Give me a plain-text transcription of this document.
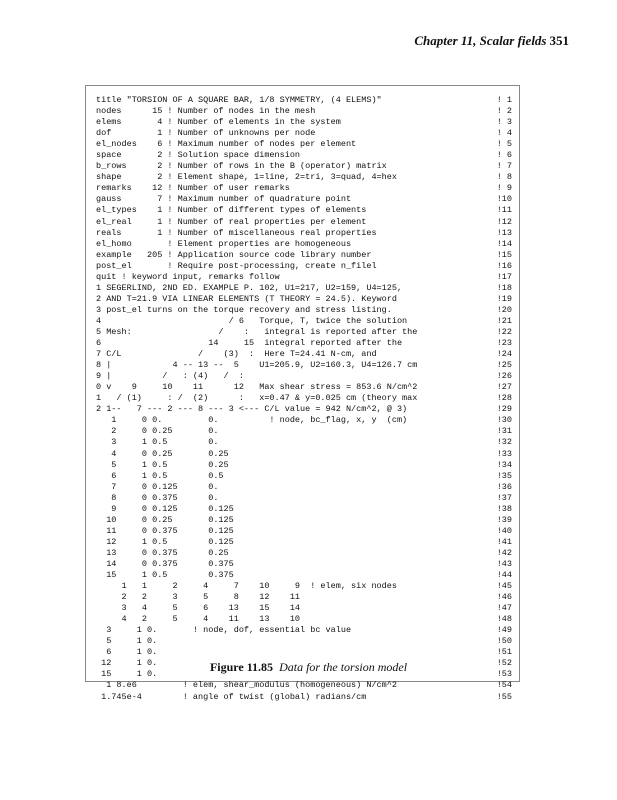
Chapter 11, Scalar fields 351
title "TORSION OF A SQUARE BAR, 1/8 SYMMETRY, (4 ELEMS)"	! 1
nodes      15 ! Number of nodes in the mesh	! 2
elems       4 ! Number of elements in the system	! 3
dof         1 ! Number of unknowns per node	! 4
el_nodes    6 ! Maximum number of nodes per element	! 5
space       2 ! Solution space dimension	! 6
b_rows      2 ! Number of rows in the B (operator) matrix	! 7
shape       2 ! Element shape, 1=line, 2=tri, 3=quad, 4=hex	! 8
remarks    12 ! Number of user remarks	! 9
gauss       7 ! Maximum number of quadrature point	!10
el_types    1 ! Number of different types of elements	!11
el_real     1 ! Number of real properties per element	!12
reals       1 ! Number of miscellaneous real properties	!13
el_homo       ! Element properties are homogeneous	!14
example   205 ! Application source code library number	!15
post_el       ! Require post-processing, create n_filel	!16
quit ! keyword input, remarks follow	!17
1 SEGERLIND, 2ND ED. EXAMPLE P. 102, U1=217, U2=159, U4=125,	!18
2 AND T=21.9 VIA LINEAR ELEMENTS (T THEORY = 24.5). Keyword	!19
3 post_el turns on the torque recovery and stress listing.	!20
4                         / 6   Torque, T, twice the solution	!21
5 Mesh:                 /    :   integral is reported after the	!22
6                     14     15  integral reported after the	!23
7 C/L               /    (3)  :  Here T=24.41 N-cm, and	!24
8 |            4 -- 13 --  5    U1=205.9, U2=160.3, U4=126.7 cm	!25
9 |          /   : (4)   /  :	!26
0 v    9     10    11      12   Max shear stress = 853.6 N/cm^2	!27
1   / (1)     : /  (2)      :   x=0.47 & y=0.025 cm (theory max	!28
2 1--   7 --- 2 --- 8 --- 3 <--- C/L value = 942 N/cm^2, @ 3)	!29
1     0 0.         0.          ! node, bc_flag, x, y  (cm)	!30
2     0 0.25       0.	!31
3     1 0.5        0.	!32
4     0 0.25       0.25	!33
5     1 0.5        0.25	!34
6     1 0.5        0.5	!35
7     0 0.125      0.	!36
8     0 0.375      0.	!37
9     0 0.125      0.125	!38
10     0 0.25       0.125	!39
11     0 0.375      0.125	!40
12     1 0.5        0.125	!41
13     0 0.375      0.25	!42
14     0 0.375      0.375	!43
15     1 0.5        0.375	!44
1   1     2     4     7    10     9  ! elem, six nodes	!45
2   2     3     5     8    12    11	!46
3   4     5     6    13    15    14	!47
4   2     5     4    11    13    10	!48
3     1 0.       ! node, dof, essential bc value	!49
5     1 0.	!50
6     1 0.	!51
12     1 0.	!52
15     1 0.	!53
1 8.e6         ! elem, shear_modulus (homogeneous) N/cm^2	!54
1.745e-4        ! angle of twist (global) radians/cm	!55
Figure 11.85 Data for the torsion model
